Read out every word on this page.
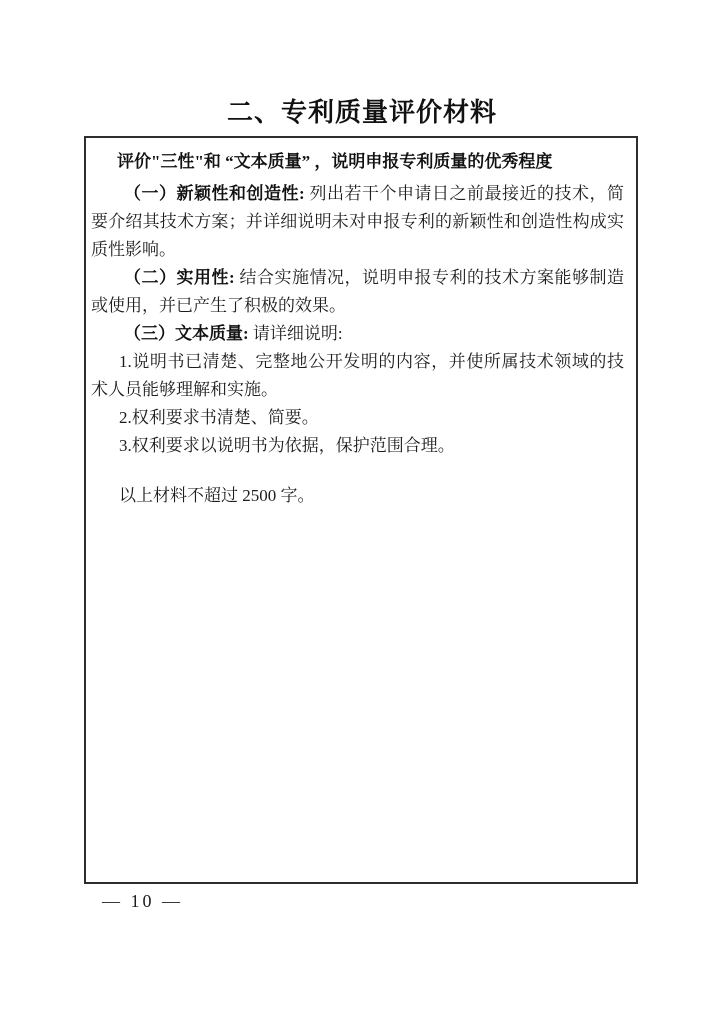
二、专利质量评价材料

评价"三性"和 “文本质量” ，说明申报专利质量的优秀程度

（一）新颖性和创造性: 列出若干个申请日之前最接近的技术，简要介绍其技术方案；并详细说明未对申报专利的新颖性和创造性构成实质性影响。

（二）实用性: 结合实施情况，说明申报专利的技术方案能够制造或使用，并已产生了积极的效果。

（三）文本质量: 请详细说明:

1.说明书已清楚、完整地公开发明的内容，并使所属技术领域的技术人员能够理解和实施。

2.权利要求书清楚、简要。

3.权利要求以说明书为依据，保护范围合理。

以上材料不超过 2500 字。

— 10 —
